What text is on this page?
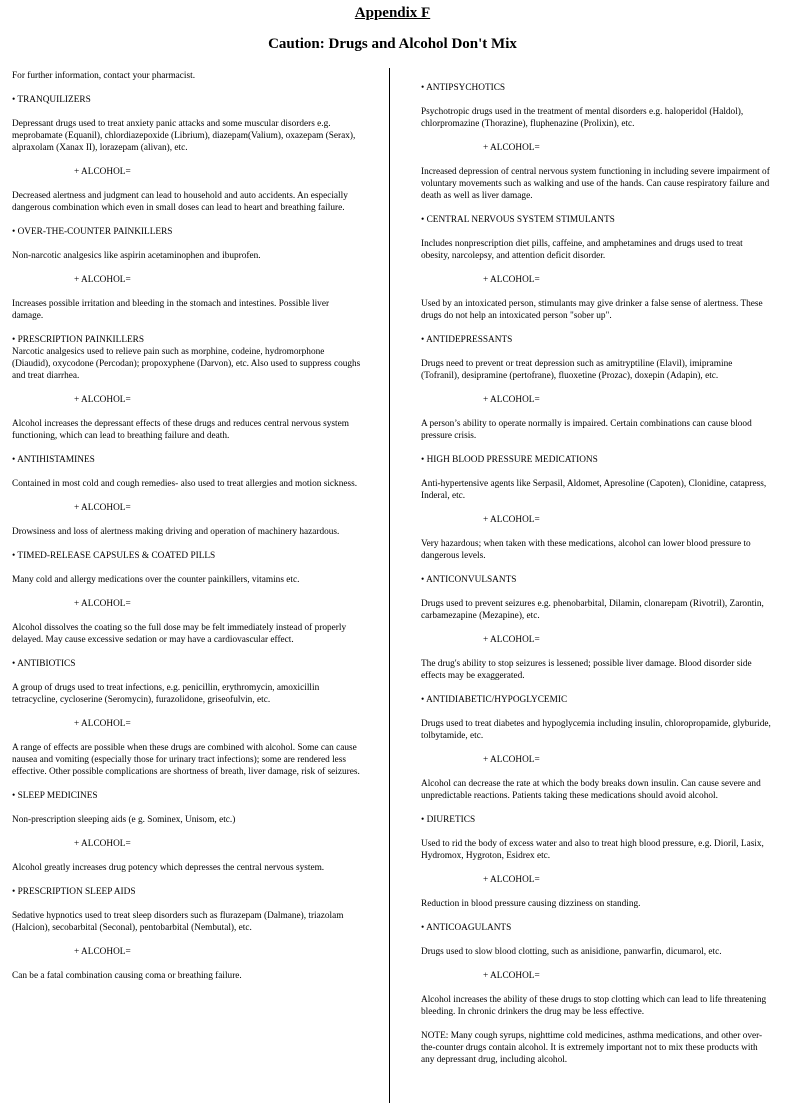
Appendix F
Caution: Drugs and Alcohol Don't Mix

For further information, contact your pharmacist.

• TRANQUILIZERS

Depressant drugs used to treat anxiety panic attacks and some muscular disorders e.g. meprobamate (Equanil), chlordiazepoxide (Librium), diazepam(Valium), oxazepam (Serax), alpraxolam (Xanax II), lorazepam (alivan), etc.

+ ALCOHOL=

Decreased alertness and judgment can lead to household and auto accidents. An especially dangerous combination which even in small doses can lead to heart and breathing failure.

• OVER-THE-COUNTER PAINKILLERS

Non-narcotic analgesics like aspirin acetaminophen and ibuprofen.

+ ALCOHOL=

Increases possible irritation and bleeding in the stomach and intestines. Possible liver damage.

• PRESCRIPTION PAINKILLERS

Narcotic analgesics used to relieve pain such as morphine, codeine, hydromorphone (Diaudid), oxycodone (Percodan); propoxyphene (Darvon), etc. Also used to suppress coughs and treat diarrhea.

+ ALCOHOL=

Alcohol increases the depressant effects of these drugs and reduces central nervous system functioning, which can lead to breathing failure and death.

• ANTIHISTAMINES

Contained in most cold and cough remedies- also used to treat allergies and motion sickness.

+ ALCOHOL=

Drowsiness and loss of alertness making driving and operation of machinery hazardous.

• TIMED-RELEASE CAPSULES & COATED PILLS

Many cold and allergy medications over the counter painkillers, vitamins etc.

+ ALCOHOL=

Alcohol dissolves the coating so the full dose may be felt immediately instead of properly delayed. May cause excessive sedation or may have a cardiovascular effect.

• ANTIBIOTICS

A group of drugs used to treat infections, e.g. penicillin, erythromycin, amoxicillin tetracycline, cycloserine (Seromycin), furazolidone, griseofulvin, etc.

+ ALCOHOL=

A range of effects are possible when these drugs are combined with alcohol. Some can cause nausea and vomiting (especially those for urinary tract infections); some are rendered less effective. Other possible complications are shortness of breath, liver damage, risk of seizures.

• SLEEP MEDICINES

Non-prescription sleeping aids (e g. Sominex, Unisom, etc.)

+ ALCOHOL=

Alcohol greatly increases drug potency which depresses the central nervous system.

• PRESCRIPTION SLEEP AIDS

Sedative hypnotics used to treat sleep disorders such as flurazepam (Dalmane), triazolam (Halcion), secobarbital (Seconal), pentobarbital (Nembutal), etc.

+ ALCOHOL=

Can be a fatal combination causing coma or breathing failure.

• ANTIPSYCHOTICS

Psychotropic drugs used in the treatment of mental disorders e.g. haloperidol (Haldol), chlorpromazine (Thorazine), fluphenazine (Prolixin), etc.

+ ALCOHOL=

Increased depression of central nervous system functioning in including severe impairment of voluntary movements such as walking and use of the hands. Can cause respiratory failure and death as well as liver damage.

• CENTRAL NERVOUS SYSTEM STIMULANTS

Includes nonprescription diet pills, caffeine, and amphetamines and drugs used to treat obesity, narcolepsy, and attention deficit disorder.

+ ALCOHOL=

Used by an intoxicated person, stimulants may give drinker a false sense of alertness. These drugs do not help an intoxicated person "sober up".

• ANTIDEPRESSANTS

Drugs need to prevent or treat depression such as amitryptiline (Elavil), imipramine (Tofranil), desipramine (pertofrane), fluoxetine (Prozac), doxepin (Adapin), etc.

+ ALCOHOL=

A person’s ability to operate normally is impaired. Certain combinations can cause blood pressure crisis.

• HIGH BLOOD PRESSURE MEDICATIONS

Anti-hypertensive agents like Serpasil, Aldomet, Apresoline (Capoten), Clonidine, catapress, Inderal, etc.

+ ALCOHOL=

Very hazardous; when taken with these medications, alcohol can lower blood pressure to dangerous levels.

• ANTICONVULSANTS

Drugs used to prevent seizures e.g. phenobarbital, Dilamin, clonarepam (Rivotril), Zarontin, carbamezapine (Mezapine), etc.

+ ALCOHOL=

The drug's ability to stop seizures is lessened; possible liver damage. Blood disorder side effects may be exaggerated.

• ANTIDIABETIC/HYPOGLYCEMIC

Drugs used to treat diabetes and hypoglycemia including insulin, chloropropamide, glyburide, tolbytamide, etc.

+ ALCOHOL=

Alcohol can decrease the rate at which the body breaks down insulin. Can cause severe and unpredictable reactions. Patients taking these medications should avoid alcohol.

• DIURETICS

Used to rid the body of excess water and also to treat high blood pressure, e.g. Dioril, Lasix, Hydromox, Hygroton, Esidrex etc.

+ ALCOHOL=

Reduction in blood pressure causing dizziness on standing.

• ANTICOAGULANTS

Drugs used to slow blood clotting, such as anisidione, panwarfin, dicumarol, etc.

+ ALCOHOL=

Alcohol increases the ability of these drugs to stop clotting which can lead to life threatening bleeding. In chronic drinkers the drug may be less effective.

NOTE: Many cough syrups, nighttime cold medicines, asthma medications, and other over-the-counter drugs contain alcohol. It is extremely important not to mix these products with any depressant drug, including alcohol.
